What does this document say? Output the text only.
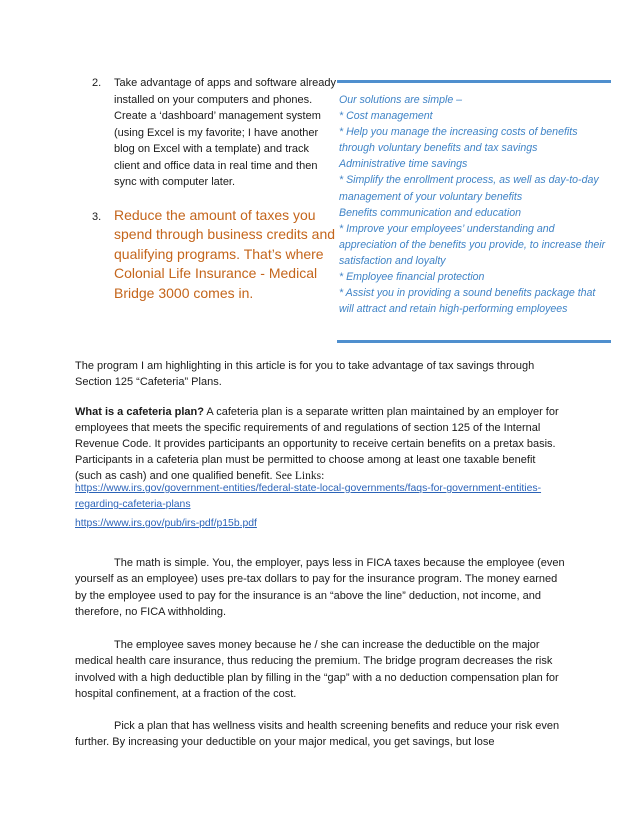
2.	Take advantage of apps and software already installed on your computers and phones. Create a ‘dashboard’ management system (using Excel is my favorite; I have another blog on Excel with a template) and track client and office data in real time and then sync with computer later.
3. Reduce the amount of taxes you spend through business credits and qualifying programs. That’s where Colonial Life Insurance - Medical Bridge 3000 comes in.
Our solutions are simple –
* Cost management
* Help you manage the increasing costs of benefits through voluntary benefits and tax savings
Administrative time savings
* Simplify the enrollment process, as well as day-to-day management of your voluntary benefits
Benefits communication and education
* Improve your employees’ understanding and appreciation of the benefits you provide, to increase their satisfaction and loyalty
* Employee financial protection
* Assist you in providing a sound benefits package that will attract and retain high-performing employees
The program I am highlighting in this article is for you to take advantage of tax savings through Section 125 “Cafeteria” Plans.
What is a cafeteria plan? A cafeteria plan is a separate written plan maintained by an employer for employees that meets the specific requirements of and regulations of section 125 of the Internal Revenue Code. It provides participants an opportunity to receive certain benefits on a pretax basis. Participants in a cafeteria plan must be permitted to choose among at least one taxable benefit (such as cash) and one qualified benefit. See Links:
https://www.irs.gov/government-entities/federal-state-local-governments/faqs-for-government-entities-regarding-cafeteria-plans
https://www.irs.gov/pub/irs-pdf/p15b.pdf
The math is simple. You, the employer, pays less in FICA taxes because the employee (even yourself as an employee) uses pre-tax dollars to pay for the insurance program. The money earned by the employee used to pay for the insurance is an “above the line” deduction, not income, and therefore, no FICA withholding.
The employee saves money because he / she can increase the deductible on the major medical health care insurance, thus reducing the premium. The bridge program decreases the risk involved with a high deductible plan by filling in the “gap” with a no deduction compensation plan for hospital confinement, at a fraction of the cost.
Pick a plan that has wellness visits and health screening benefits and reduce your risk even further. By increasing your deductible on your major medical, you get savings, but lose
